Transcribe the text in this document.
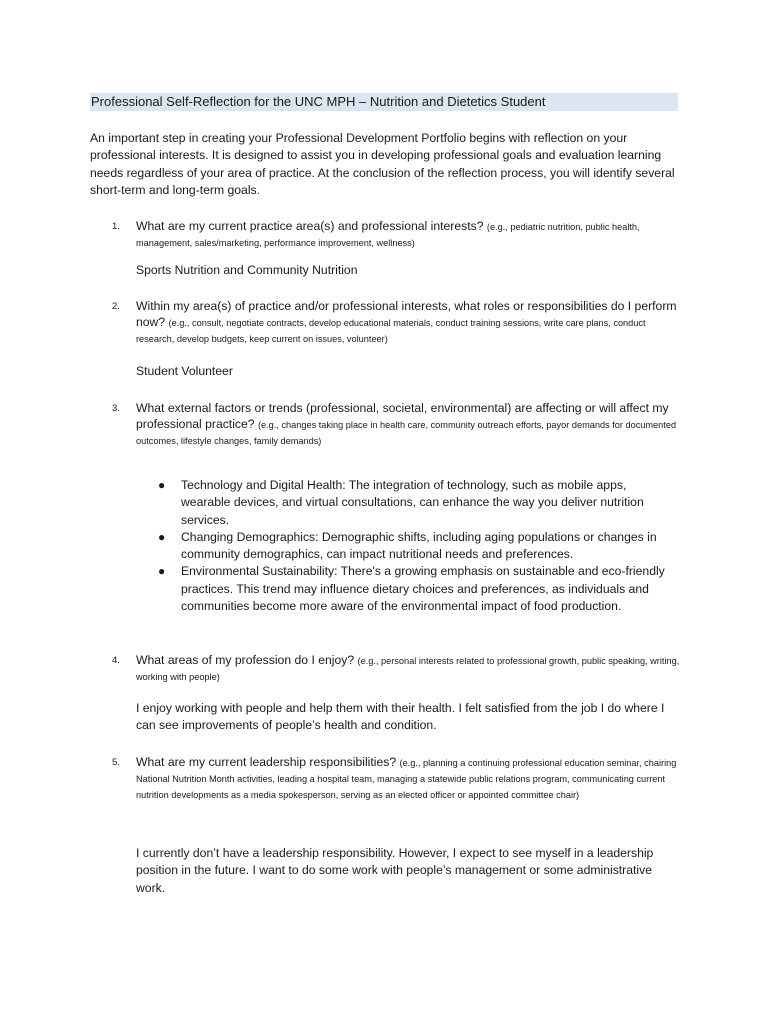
Professional Self-Reflection for the UNC MPH – Nutrition and Dietetics Student
An important step in creating your Professional Development Portfolio begins with reflection on your professional interests. It is designed to assist you in developing professional goals and evaluation learning needs regardless of your area of practice. At the conclusion of the reflection process, you will identify several short-term and long-term goals.
1. What are my current practice area(s) and professional interests? (e.g., pediatric nutrition, public health, management, sales/marketing, performance improvement, wellness)
Sports Nutrition and Community Nutrition
2. Within my area(s) of practice and/or professional interests, what roles or responsibilities do I perform now? (e.g., consult, negotiate contracts, develop educational materials, conduct training sessions, write care plans, conduct research, develop budgets, keep current on issues, volunteer)
Student Volunteer
3. What external factors or trends (professional, societal, environmental) are affecting or will affect my professional practice? (e.g., changes taking place in health care, community outreach efforts, payor demands for documented outcomes, lifestyle changes, family demands)
● Technology and Digital Health: The integration of technology, such as mobile apps, wearable devices, and virtual consultations, can enhance the way you deliver nutrition services.
● Changing Demographics: Demographic shifts, including aging populations or changes in community demographics, can impact nutritional needs and preferences.
● Environmental Sustainability: There's a growing emphasis on sustainable and eco-friendly practices. This trend may influence dietary choices and preferences, as individuals and communities become more aware of the environmental impact of food production.
4. What areas of my profession do I enjoy? (e.g., personal interests related to professional growth, public speaking, writing, working with people)
I enjoy working with people and help them with their health. I felt satisfied from the job I do where I can see improvements of people’s health and condition.
5. What are my current leadership responsibilities? (e.g., planning a continuing professional education seminar, chairing National Nutrition Month activities, leading a hospital team, managing a statewide public relations program, communicating current nutrition developments as a media spokesperson, serving as an elected officer or appointed committee chair)
I currently don’t have a leadership responsibility. However, I expect to see myself in a leadership position in the future. I want to do some work with people’s management or some administrative work.
